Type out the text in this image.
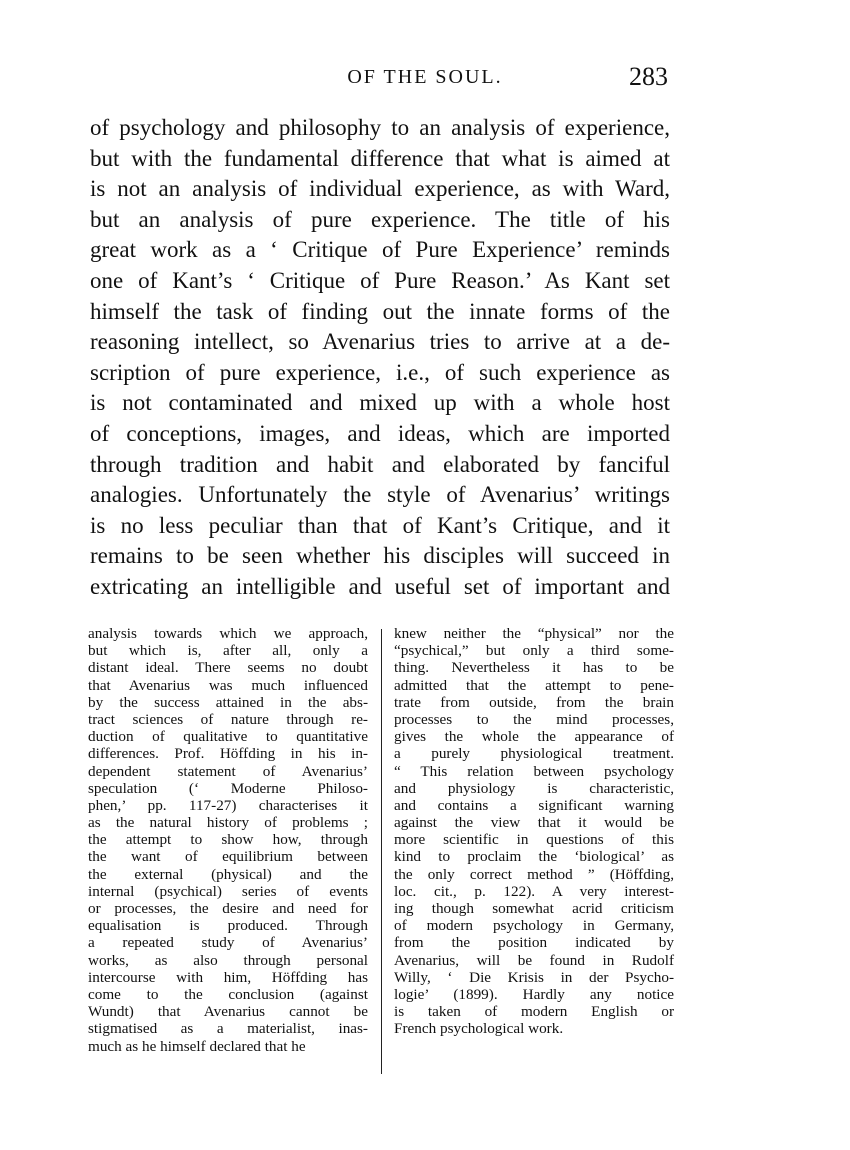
OF THE SOUL.	283
of psychology and philosophy to an analysis of experience,
but with the fundamental difference that what is aimed at
is not an analysis of individual experience, as with Ward,
but an analysis of pure experience. The title of his
great work as a ‘ Critique of Pure Experience’ reminds
one of Kant’s ‘ Critique of Pure Reason.’ As Kant set
himself the task of finding out the innate forms of the
reasoning intellect, so Avenarius tries to arrive at a de-
scription of pure experience, i.e., of such experience as
is not contaminated and mixed up with a whole host
of conceptions, images, and ideas, which are imported
through tradition and habit and elaborated by fanciful
analogies. Unfortunately the style of Avenarius’ writings
is no less peculiar than that of Kant’s Critique, and it
remains to be seen whether his disciples will succeed in
extricating an intelligible and useful set of important and
analysis towards which we approach,
but which is, after all, only a
distant ideal. There seems no doubt
that Avenarius was much influenced
by the success attained in the abs-
tract sciences of nature through re-
duction of qualitative to quantitative
differences. Prof. Höffding in his in-
dependent statement of Avenarius’
speculation (‘ Moderne Philoso-
phen,’ pp. 117-27) characterises it
as the natural history of problems ;
the attempt to show how, through
the want of equilibrium between
the external (physical) and the
internal (psychical) series of events
or processes, the desire and need for
equalisation is produced. Through
a repeated study of Avenarius’
works, as also through personal
intercourse with him, Höffding has
come to the conclusion (against
Wundt) that Avenarius cannot be
stigmatised as a materialist, inas-
much as he himself declared that he
knew neither the “physical” nor the
“psychical,” but only a third some-
thing. Nevertheless it has to be
admitted that the attempt to pene-
trate from outside, from the brain
processes to the mind processes,
gives the whole the appearance of
a purely physiological treatment.
“ This relation between psychology
and physiology is characteristic,
and contains a significant warning
against the view that it would be
more scientific in questions of this
kind to proclaim the ‘biological’ as
the only correct method ” (Höffding,
loc. cit., p. 122). A very interest-
ing though somewhat acrid criticism
of modern psychology in Germany,
from the position indicated by
Avenarius, will be found in Rudolf
Willy, ‘ Die Krisis in der Psycho-
logie’ (1899). Hardly any notice
is taken of modern English or
French psychological work.
